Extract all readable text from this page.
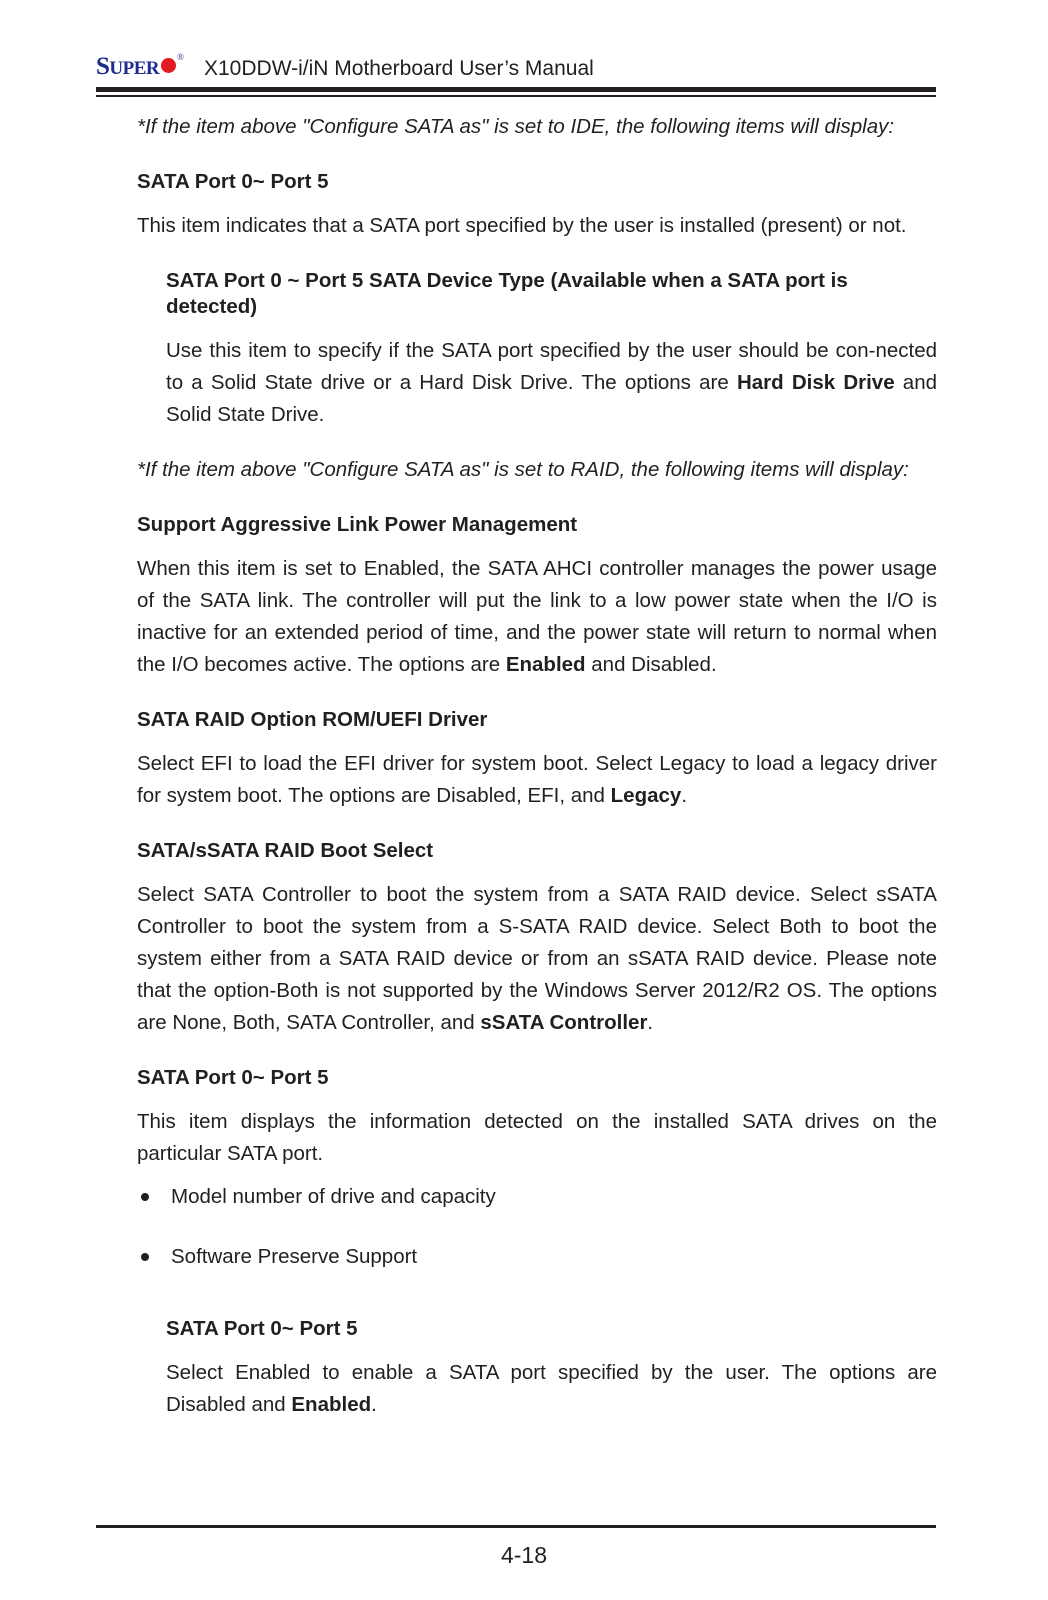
SUPER® X10DDW-i/iN Motherboard User’s Manual

*If the item above "Configure SATA as" is set to IDE, the following items will display:

SATA Port 0~ Port 5

This item indicates that a SATA port specified by the user is installed (present) or not.

SATA Port 0 ~ Port 5 SATA Device Type (Available when a SATA port is detected)

Use this item to specify if the SATA port specified by the user should be con-nected to a Solid State drive or a Hard Disk Drive. The options are Hard Disk Drive and Solid State Drive.

*If the item above "Configure SATA as" is set to RAID, the following items will display:

Support Aggressive Link Power Management

When this item is set to Enabled, the SATA AHCI controller manages the power usage of the SATA link. The controller will put the link to a low power state when the I/O is inactive for an extended period of time, and the power state will return to normal when the I/O becomes active. The options are Enabled and Disabled.

SATA RAID Option ROM/UEFI Driver

Select EFI to load the EFI driver for system boot. Select Legacy to load a legacy driver for system boot. The options are Disabled, EFI, and Legacy.

SATA/sSATA RAID Boot Select

Select SATA Controller to boot the system from a SATA RAID device. Select sSATA Controller to boot the system from a S-SATA RAID device. Select Both to boot the system either from a SATA RAID device or from an sSATA RAID device. Please note that the option-Both is not supported by the Windows Server 2012/R2 OS. The options are None, Both, SATA Controller, and sSATA Controller.

SATA Port 0~ Port 5

This item displays the information detected on the installed SATA drives on the particular SATA port.

Model number of drive and capacity
Software Preserve Support
SATA Port 0~ Port 5

Select Enabled to enable a SATA port specified by the user. The options are Disabled and Enabled.

4-18
